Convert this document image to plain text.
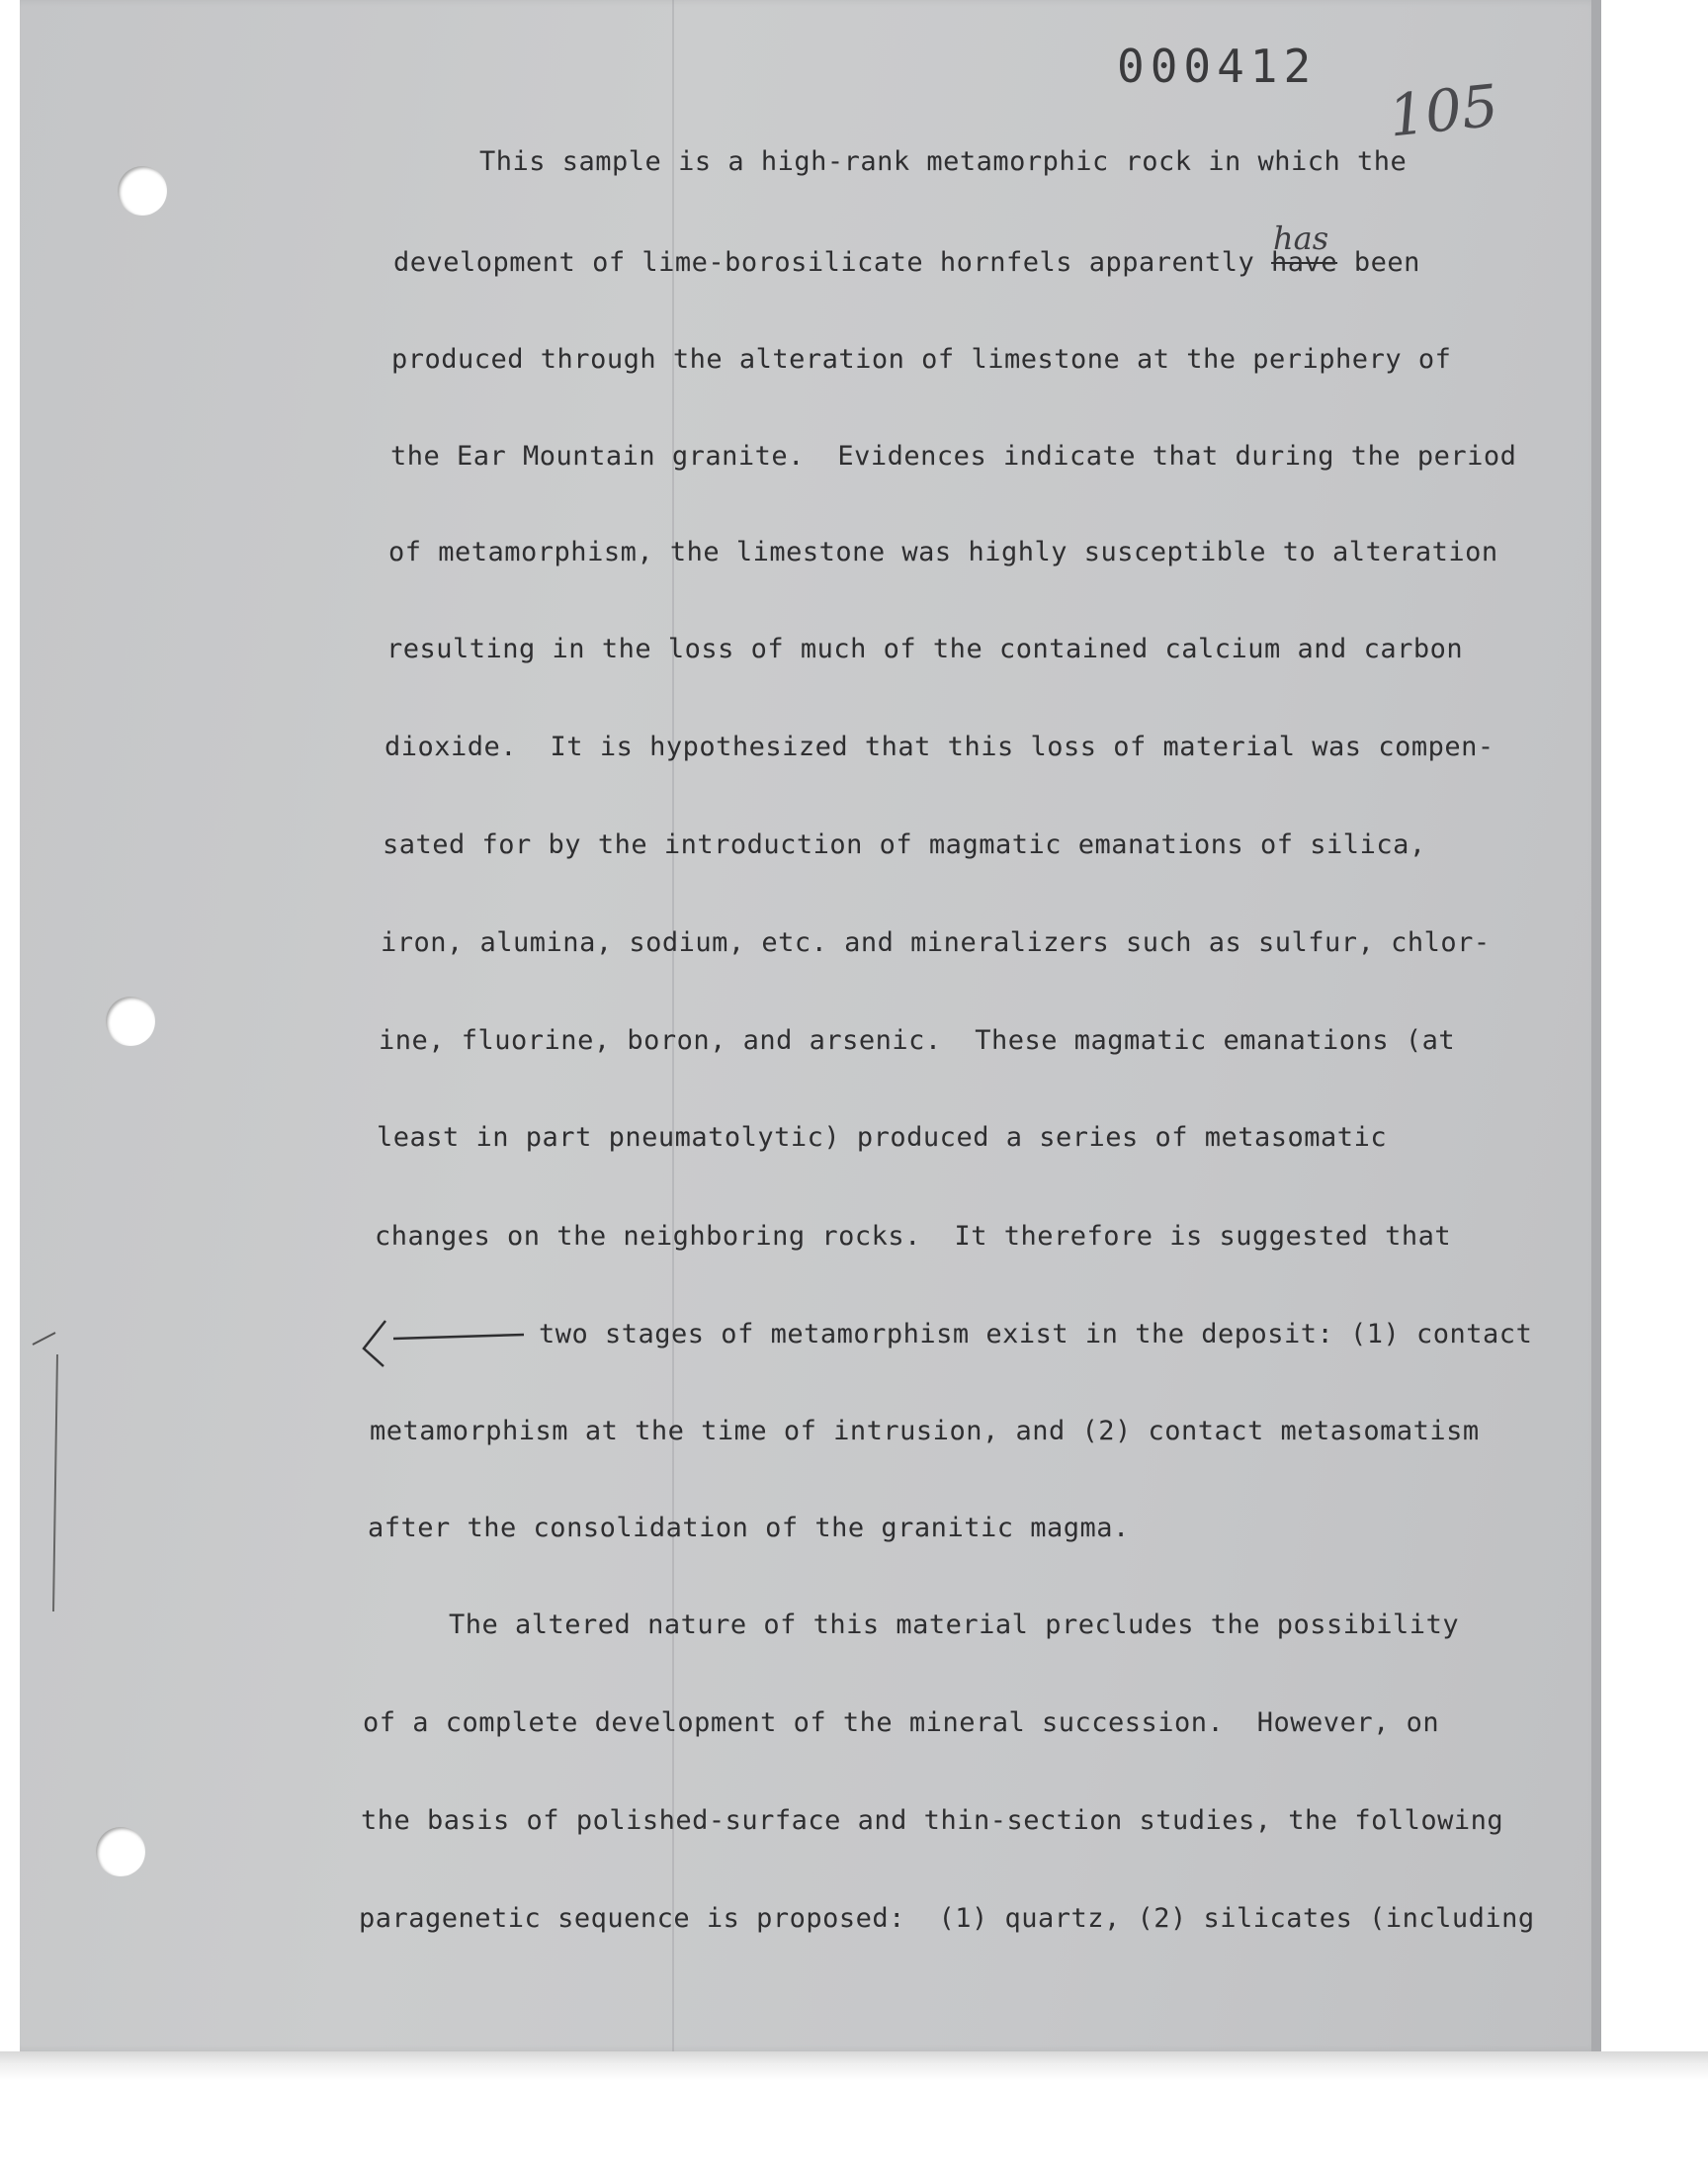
000412
105
This sample is a high-rank metamorphic rock in which the
has
development of lime-borosilicate hornfels apparently have been
produced through the alteration of limestone at the periphery of
the Ear Mountain granite.  Evidences indicate that during the period
of metamorphism, the limestone was highly susceptible to alteration
resulting in the loss of much of the contained calcium and carbon
dioxide.  It is hypothesized that this loss of material was compen-
sated for by the introduction of magmatic emanations of silica,
iron, alumina, sodium, etc. and mineralizers such as sulfur, chlor-
ine, fluorine, boron, and arsenic.  These magmatic emanations (at
least in part pneumatolytic) produced a series of metasomatic
changes on the neighboring rocks.  It therefore is suggested that
two stages of metamorphism exist in the deposit: (1) contact
metamorphism at the time of intrusion, and (2) contact metasomatism
after the consolidation of the granitic magma.
The altered nature of this material precludes the possibility
of a complete development of the mineral succession.  However, on
the basis of polished-surface and thin-section studies, the following
paragenetic sequence is proposed:  (1) quartz, (2) silicates (including
